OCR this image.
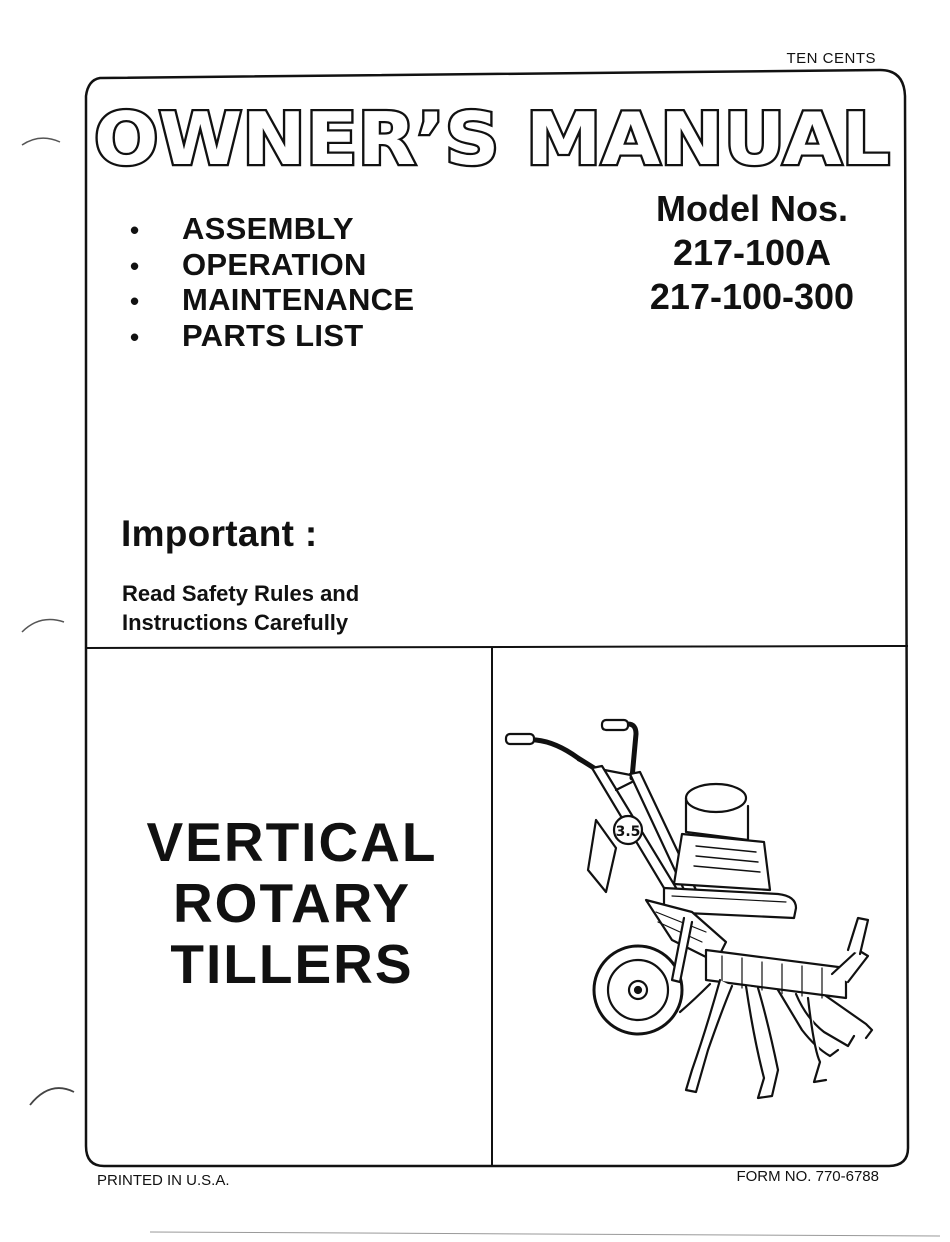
TEN CENTS
OWNER’S MANUAL
• ASSEMBLY
• OPERATION
• MAINTENANCE
• PARTS LIST
Model Nos.
217-100A
217-100-300
Important :
Read Safety Rules and
Instructions Carefully
VERTICAL
ROTARY
TILLERS
3.5
PRINTED IN U.S.A.	FORM NO. 770-6788
